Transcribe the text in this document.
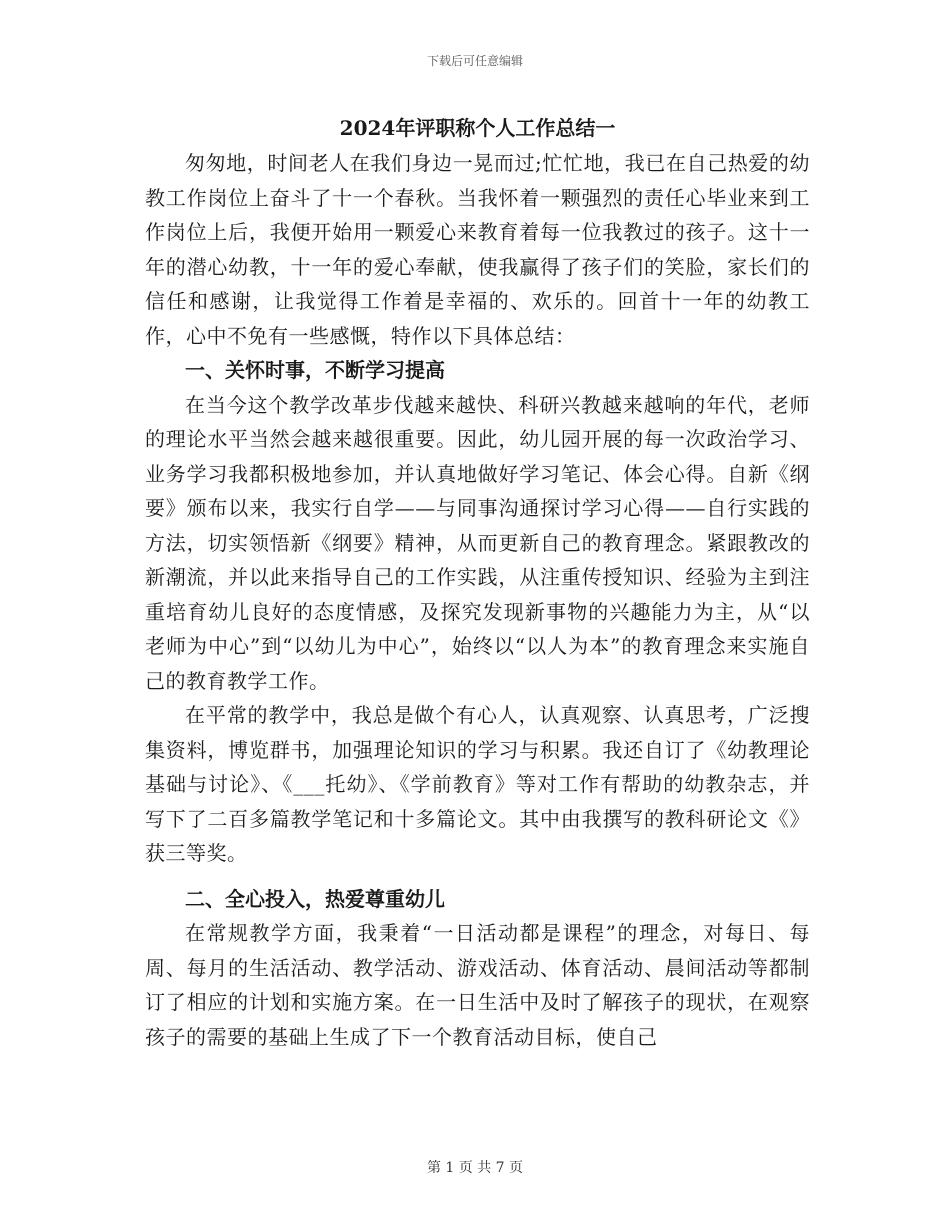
下载后可任意编辑
2024年评职称个人工作总结一

匆匆地，时间老人在我们身边一晃而过;忙忙地，我已在自己热爱的幼教工作岗位上奋斗了十一个春秋。当我怀着一颗强烈的责任心毕业来到工作岗位上后，我便开始用一颗爱心来教育着每一位我教过的孩子。这十一年的潜心幼教，十一年的爱心奉献，使我赢得了孩子们的笑脸，家长们的信任和感谢，让我觉得工作着是幸福的、欢乐的。回首十一年的幼教工作，心中不免有一些感慨，特作以下具体总结：

一、关怀时事，不断学习提高

在当今这个教学改革步伐越来越快、科研兴教越来越响的年代，老师的理论水平当然会越来越很重要。因此，幼儿园开展的每一次政治学习、业务学习我都积极地参加，并认真地做好学习笔记、体会心得。自新《纲要》颁布以来，我实行自学——与同事沟通探讨学习心得——自行实践的方法，切实领悟新《纲要》精神，从而更新自己的教育理念。紧跟教改的新潮流，并以此来指导自己的工作实践，从注重传授知识、经验为主到注重培育幼儿良好的态度情感，及探究发现新事物的兴趣能力为主，从“以老师为中心”到“以幼儿为中心”，始终以“以人为本”的教育理念来实施自己的教育教学工作。

在平常的教学中，我总是做个有心人，认真观察、认真思考，广泛搜集资料，博览群书，加强理论知识的学习与积累。我还自订了《幼教理论基础与讨论》、《___托幼》、《学前教育》等对工作有帮助的幼教杂志，并写下了二百多篇教学笔记和十多篇论文。其中由我撰写的教科研论文《》获三等奖。

二、全心投入，热爱尊重幼儿

在常规教学方面，我秉着“一日活动都是课程”的理念，对每日、每周、每月的生活活动、教学活动、游戏活动、体育活动、晨间活动等都制订了相应的计划和实施方案。在一日生活中及时了解孩子的现状，在观察孩子的需要的基础上生成了下一个教育活动目标，使自己

第 1 页 共 7 页
